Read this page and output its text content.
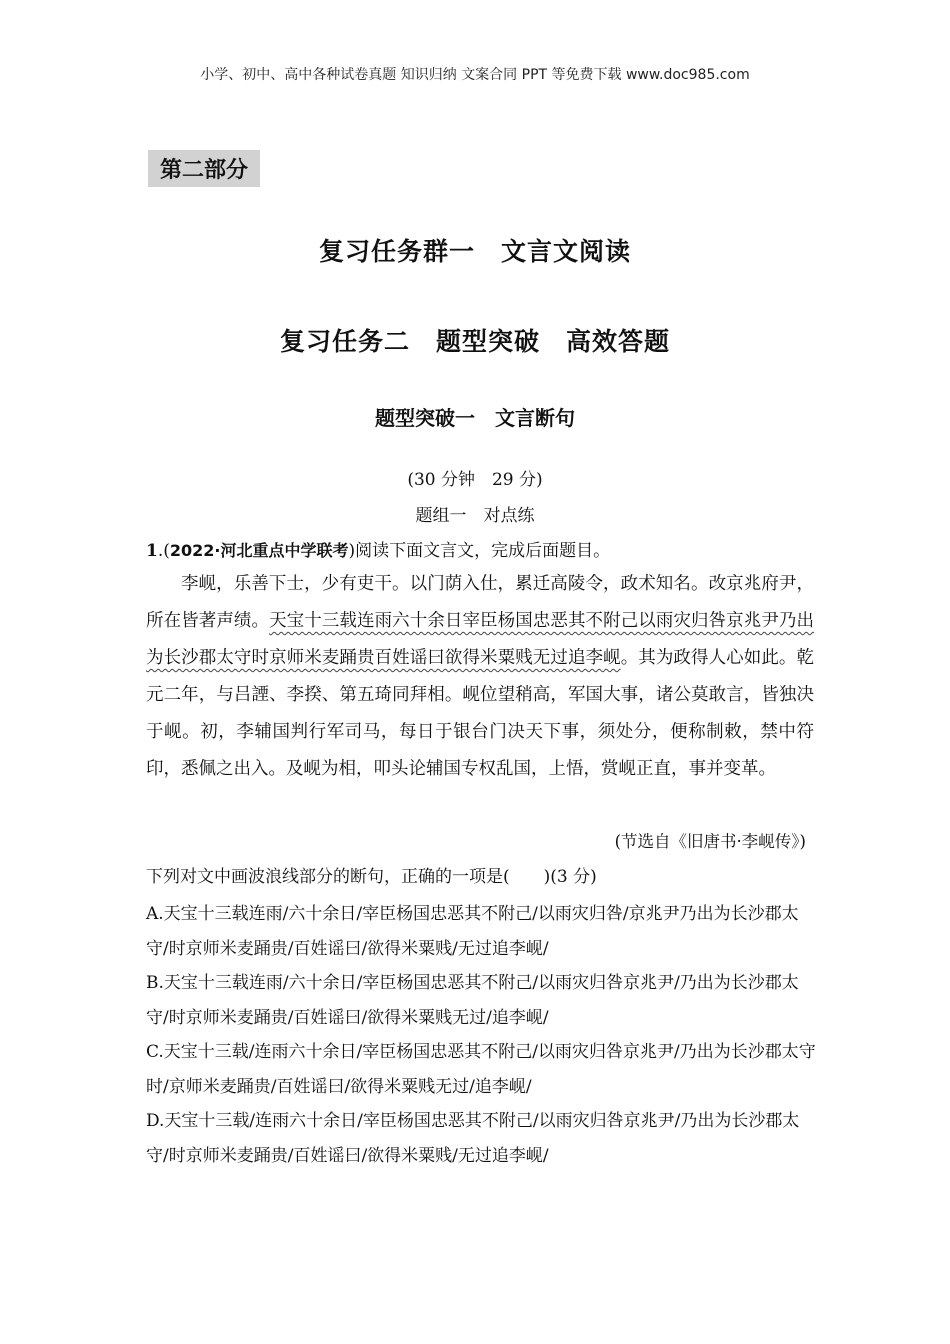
小学、初中、高中各种试卷真题 知识归纳 文案合同 PPT 等免费下载 www.doc985.com
第二部分
复习任务群一　文言文阅读
复习任务二　题型突破　高效答题
题型突破一　文言断句
(30 分钟　29 分)
题组一　对点练
1.(2022·河北重点中学联考)阅读下面文言文，完成后面题目。

李岘，乐善下士，少有吏干。以门荫入仕，累迁高陵令，政术知名。改京兆府尹，所在皆著声绩。天宝十三载连雨六十余日宰臣杨国忠恶其不附己以雨灾归咎京兆尹乃出为长沙郡太守时京师米麦踊贵百姓谣曰欲得米粟贱无过追李岘。其为政得人心如此。乾元二年，与吕諲、李揆、第五琦同拜相。岘位望稍高，军国大事，诸公莫敢言，皆独决于岘。初，李辅国判行军司马，每日于银台门决天下事，须处分，便称制敕，禁中符印，悉佩之出入。及岘为相，叩头论辅国专权乱国，上悟，赏岘正直，事并变革。

(节选自《旧唐书·李岘传》)
下列对文中画波浪线部分的断句，正确的一项是(　　)(3 分)

A.天宝十三载连雨/六十余日/宰臣杨国忠恶其不附己/以雨灾归咎/京兆尹乃出为长沙郡太守/时京师米麦踊贵/百姓谣曰/欲得米粟贱/无过追李岘/

B.天宝十三载连雨/六十余日/宰臣杨国忠恶其不附己/以雨灾归咎京兆尹/乃出为长沙郡太守/时京师米麦踊贵/百姓谣曰/欲得米粟贱无过/追李岘/

C.天宝十三载/连雨六十余日/宰臣杨国忠恶其不附己/以雨灾归咎京兆尹/乃出为长沙郡太守时/京师米麦踊贵/百姓谣曰/欲得米粟贱无过/追李岘/

D.天宝十三载/连雨六十余日/宰臣杨国忠恶其不附己/以雨灾归咎京兆尹/乃出为长沙郡太守/时京师米麦踊贵/百姓谣曰/欲得米粟贱/无过追李岘/
